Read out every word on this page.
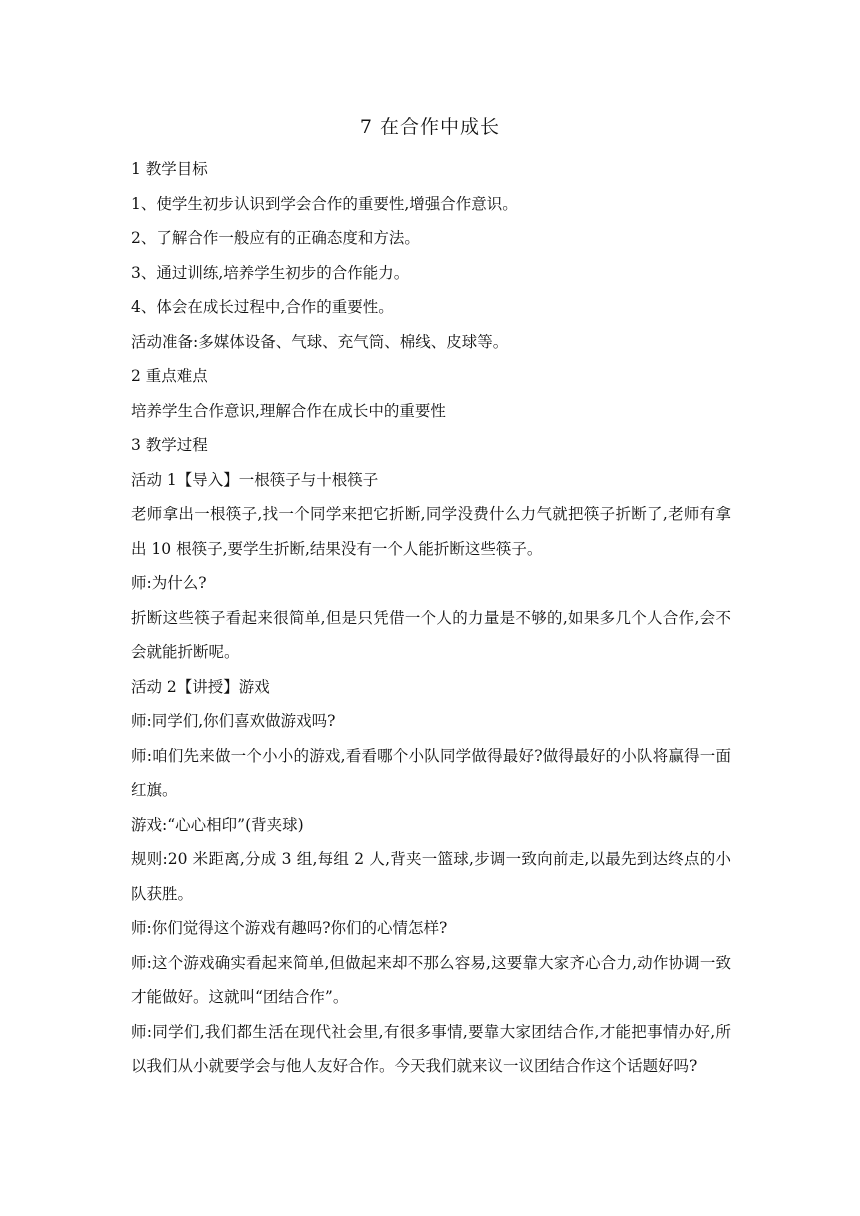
7 在合作中成长

1 教学目标

1、使学生初步认识到学会合作的重要性,增强合作意识。

2、了解合作一般应有的正确态度和方法。

3、通过训练,培养学生初步的合作能力。

4、体会在成长过程中,合作的重要性。

活动准备:多媒体设备、气球、充气筒、棉线、皮球等。

2 重点难点

培养学生合作意识,理解合作在成长中的重要性

3 教学过程

活动 1【导入】一根筷子与十根筷子

老师拿出一根筷子,找一个同学来把它折断,同学没费什么力气就把筷子折断了,老师有拿出 10 根筷子,要学生折断,结果没有一个人能折断这些筷子。

师:为什么?

折断这些筷子看起来很简单,但是只凭借一个人的力量是不够的,如果多几个人合作,会不会就能折断呢。

活动 2【讲授】游戏

师:同学们,你们喜欢做游戏吗?

师:咱们先来做一个小小的游戏,看看哪个小队同学做得最好?做得最好的小队将赢得一面红旗。

游戏:“心心相印”(背夹球)

规则:20 米距离,分成 3 组,每组 2 人,背夹一篮球,步调一致向前走,以最先到达终点的小队获胜。

师:你们觉得这个游戏有趣吗?你们的心情怎样?

师:这个游戏确实看起来简单,但做起来却不那么容易,这要靠大家齐心合力,动作协调一致才能做好。这就叫“团结合作”。

师:同学们,我们都生活在现代社会里,有很多事情,要靠大家团结合作,才能把事情办好,所以我们从小就要学会与他人友好合作。今天我们就来议一议团结合作这个话题好吗?
